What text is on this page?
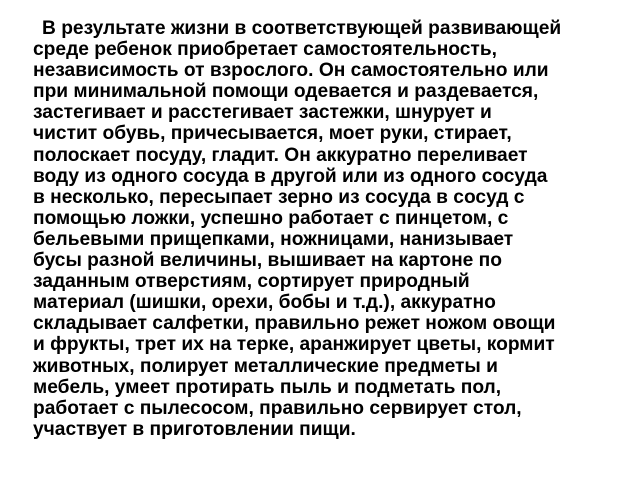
В результате жизни в соответствующей развивающей
среде ребенок приобретает самостоятельность,
независимость от взрослого. Он самостоятельно или
при минимальной помощи одевается и раздевается,
застегивает и расстегивает застежки, шнурует и
чистит обувь, причесывается, моет руки, стирает,
полоскает посуду, гладит. Он аккуратно переливает
воду из одного сосуда в другой или из одного сосуда
в несколько, пересыпает зерно из сосуда в сосуд с
помощью ложки, успешно работает с пинцетом, с
бельевыми прищепками, ножницами, нанизывает
бусы разной величины, вышивает на картоне по
заданным отверстиям, сортирует природный
материал (шишки, орехи, бобы и т.д.), аккуратно
складывает салфетки, правильно режет ножом овощи
и фрукты, трет их на терке, аранжирует цветы, кормит
животных, полирует металлические предметы и
мебель, умеет протирать пыль и подметать пол,
работает с пылесосом, правильно сервирует стол,
участвует в приготовлении пищи.
